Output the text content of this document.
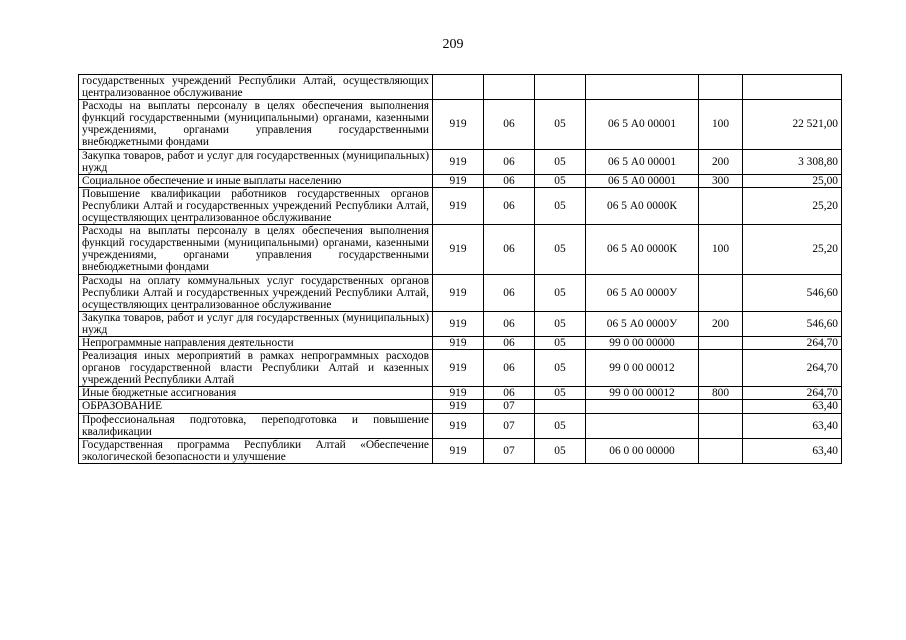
209
государственных учреждений Республики Алтай, осуществляющих централизованное обслуживание						
Расходы на выплаты персоналу в целях обеспечения выполнения функций государственными (муниципальными) органами, казенными учреждениями, органами управления государственными внебюджетными фондами	919	06	05	06 5 А0 00001	100	22 521,00
Закупка товаров, работ и услуг для государственных (муниципальных) нужд	919	06	05	06 5 А0 00001	200	3 308,80
Социальное обеспечение и иные выплаты населению	919	06	05	06 5 А0 00001	300	25,00
Повышение квалификации работников государственных органов Республики Алтай и государственных учреждений Республики Алтай, осуществляющих централизованное обслуживание	919	06	05	06 5 А0 0000К		25,20
Расходы на выплаты персоналу в целях обеспечения выполнения функций государственными (муниципальными) органами, казенными учреждениями, органами управления государственными внебюджетными фондами	919	06	05	06 5 А0 0000К	100	25,20
Расходы на оплату коммунальных услуг государственных органов Республики Алтай и государственных учреждений Республики Алтай, осуществляющих централизованное обслуживание	919	06	05	06 5 А0 0000У		546,60
Закупка товаров, работ и услуг для государственных (муниципальных) нужд	919	06	05	06 5 А0 0000У	200	546,60
Непрограммные направления деятельности	919	06	05	99 0 00 00000		264,70
Реализация иных мероприятий в рамках непрограммных расходов органов государственной власти Республики Алтай и казенных учреждений Республики Алтай	919	06	05	99 0 00 00012		264,70
Иные бюджетные ассигнования	919	06	05	99 0 00 00012	800	264,70
ОБРАЗОВАНИЕ	919	07				63,40
Профессиональная подготовка, переподготовка и повышение квалификации	919	07	05			63,40
Государственная программа Республики Алтай «Обеспечение экологической безопасности и улучшение	919	07	05	06 0 00 00000		63,40
